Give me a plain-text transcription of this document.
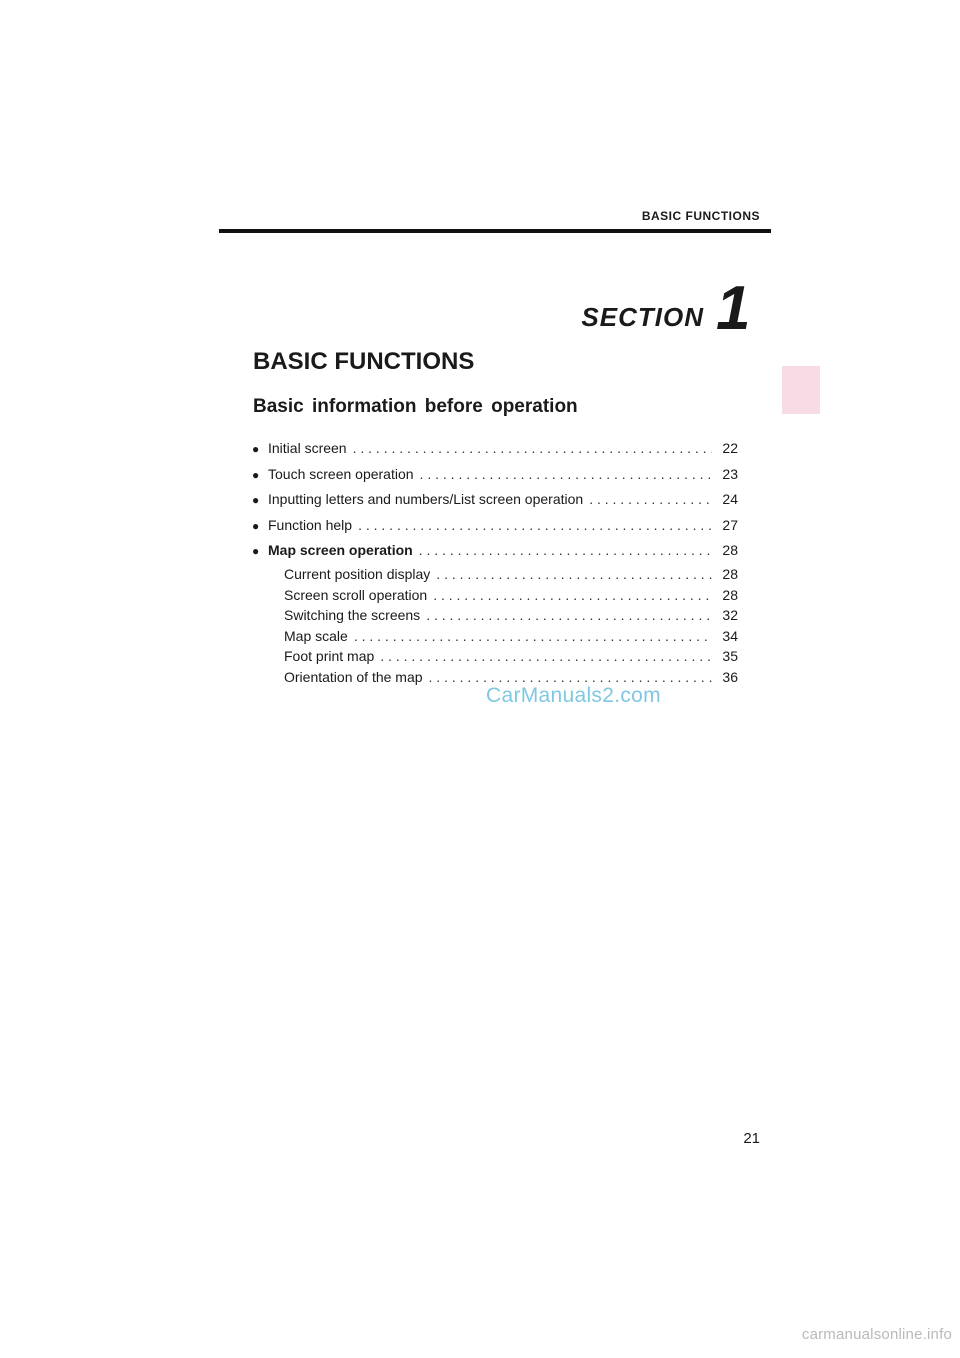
BASIC FUNCTIONS
SECTION 1
BASIC FUNCTIONS
Basic information before operation
● Initial screen . . .	22
● Touch screen operation . . .	23
● Inputting letters and numbers/List screen operation . . .	24
● Function help . . .	27
● Map screen operation . . .	28
Current position display . . .	28
Screen scroll operation . . .	28
Switching the screens . . .	32
Map scale . . .	34
Foot print map . . .	35
Orientation of the map . . .	36
CarManuals2.com
21
carmanualsonline.info
